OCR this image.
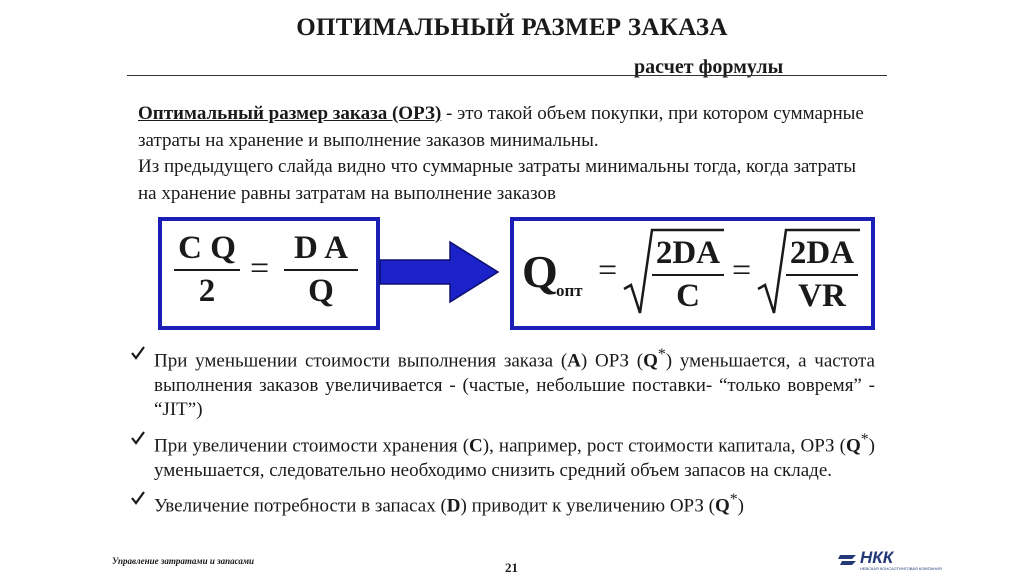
ОПТИМАЛЬНЫЙ РАЗМЕР ЗАКАЗА
расчет формулы
Оптимальный размер заказа (ОРЗ) - это такой объем покупки, при котором суммарные затраты на хранение и выполнение заказов минимальны.
Из предыдущего слайда видно что суммарные затраты минимальны тогда, когда затраты на хранение равны затратам на выполнение заказов
$\frac{\text{C Q}}{2} = \frac{\text{D A}}{Q}$	Q
опт
= $\frac{2DA}{C} = \frac{2DA}{VR}$
При уменьшении стоимости выполнения заказа (A) ОРЗ (Q*) уменьшается, а частота выполнения заказов увеличивается - (частые, небольшие поставки- “только вовремя” - “JIT”)
При увеличении стоимости хранения (C), например, рост стоимости капитала, ОРЗ (Q*) уменьшается, следовательно необходимо снизить средний объем запасов на складе.
Увеличение потребности в запасах (D) приводит к увеличению ОРЗ (Q*)
Управление затратами и запасами	21
НКК
НЕВСКАЯ КОНСАЛТИНГОВАЯ КОМПАНИЯ
